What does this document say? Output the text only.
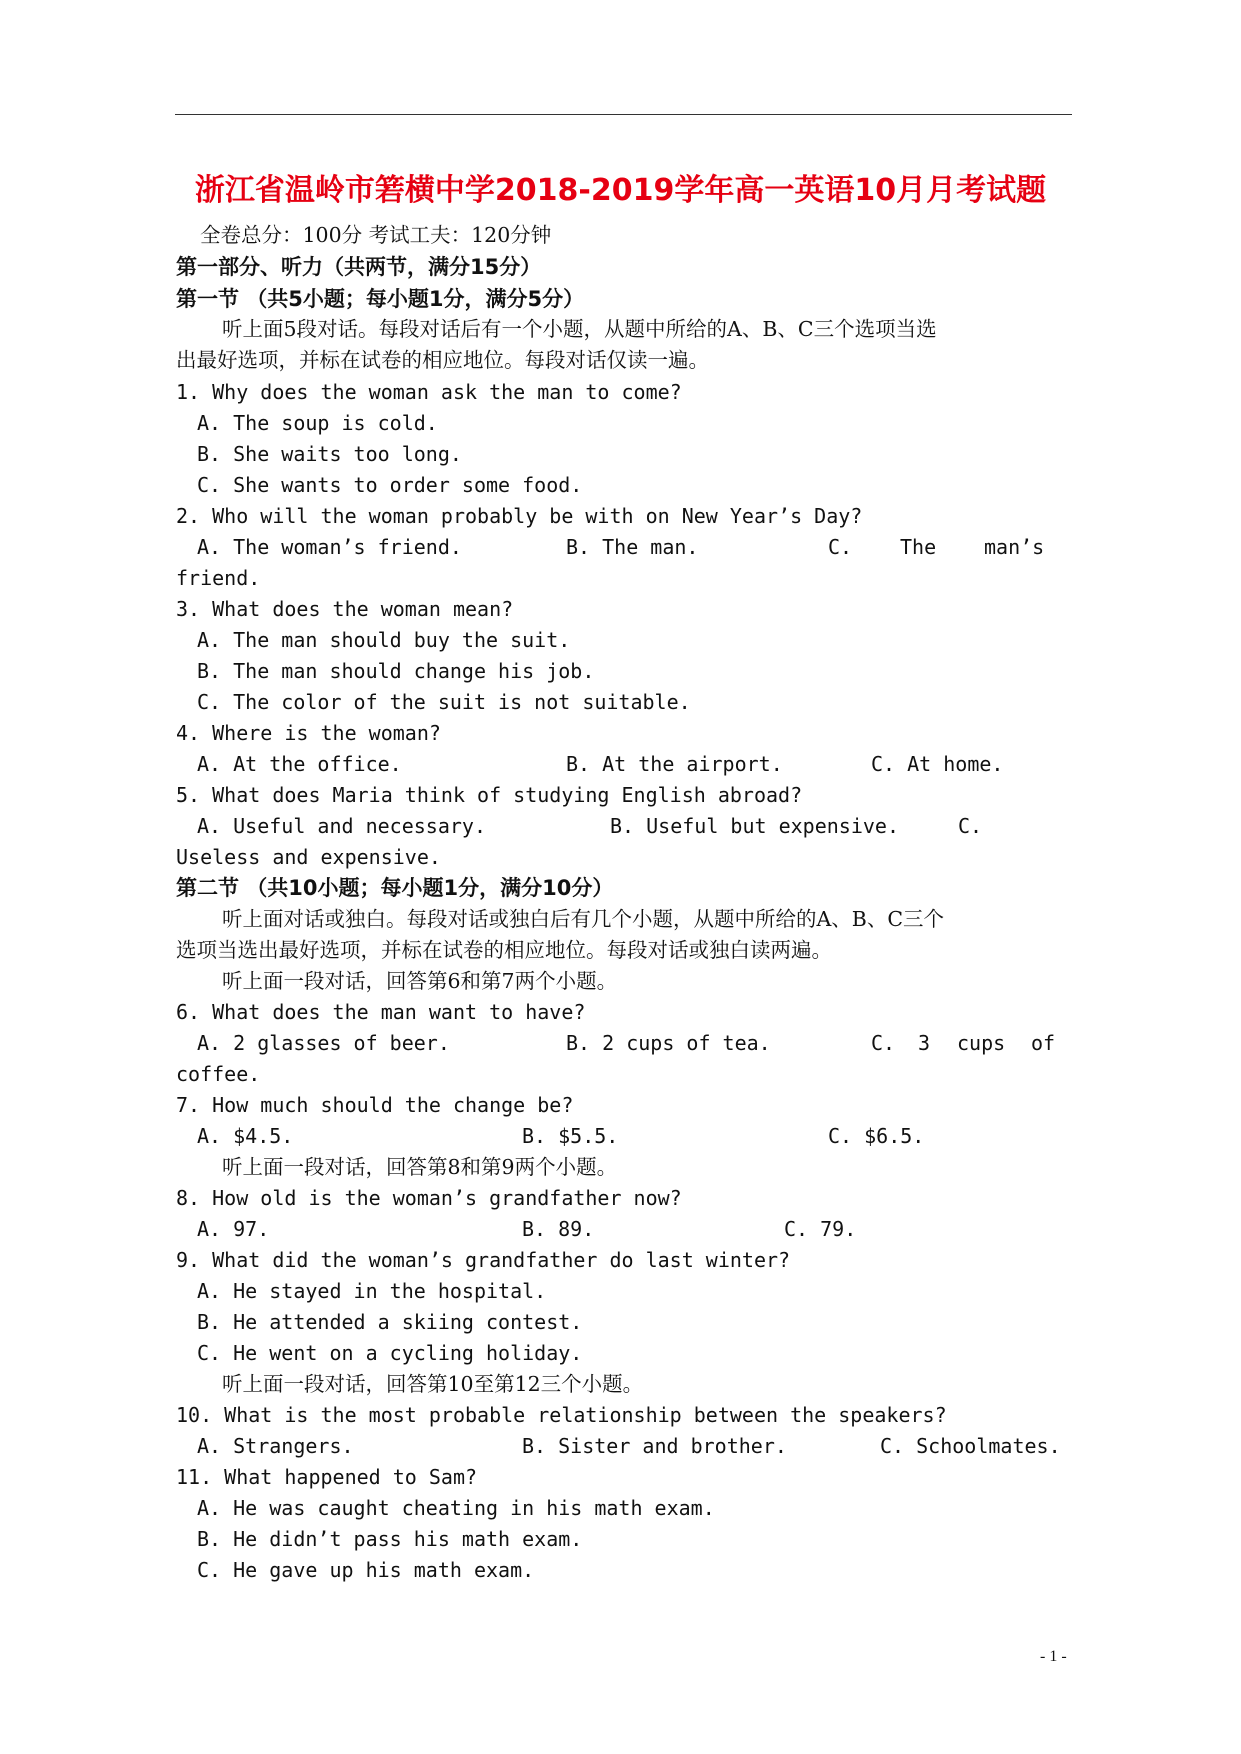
浙江省温岭市箬横中学2018-2019学年高一英语10月月考试题
全卷总分：100分 考试工夫：120分钟
第一部分、听力（共两节，满分15分）
第一节 （共5小题；每小题1分，满分5分）
听上面5段对话。每段对话后有一个小题，从题中所给的A、B、C三个选项当选
出最好选项，并标在试卷的相应地位。每段对话仅读一遍。
1. Why does the woman ask the man to come?
A. The soup is cold.
B. She waits too long.
C. She wants to order some food.
2. Who will the woman probably be with on New Year’s Day?
A. The woman’s friend.	B. The man.	C. The man’s
friend.
3. What does the woman mean?
A. The man should buy the suit.
B. The man should change his job.
C. The color of the suit is not suitable.
4. Where is the woman?
A. At the office.	B. At the airport.	C. At home.
5. What does Maria think of studying English abroad?
A. Useful and necessary.	B. Useful but expensive.	C.
Useless and expensive.
第二节 （共10小题；每小题1分，满分10分）
听上面对话或独白。每段对话或独白后有几个小题，从题中所给的A、B、C三个
选项当选出最好选项，并标在试卷的相应地位。每段对话或独白读两遍。
听上面一段对话，回答第6和第7两个小题。
6. What does the man want to have?
A. 2 glasses of beer.	B. 2 cups of tea.	C. 3 cups of
coffee.
7. How much should the change be?
A. $4.5.	B. $5.5.	C. $6.5.
听上面一段对话，回答第8和第9两个小题。
8. How old is the woman’s grandfather now?
A. 97.	B. 89.	C. 79.
9. What did the woman’s grandfather do last winter?
A. He stayed in the hospital.
B. He attended a skiing contest.
C. He went on a cycling holiday.
听上面一段对话，回答第10至第12三个小题。
10. What is the most probable relationship between the speakers?
A. Strangers.	B. Sister and brother.	C. Schoolmates.
11. What happened to Sam?
A. He was caught cheating in his math exam.
B. He didn’t pass his math exam.
C. He gave up his math exam.
- 1 -
